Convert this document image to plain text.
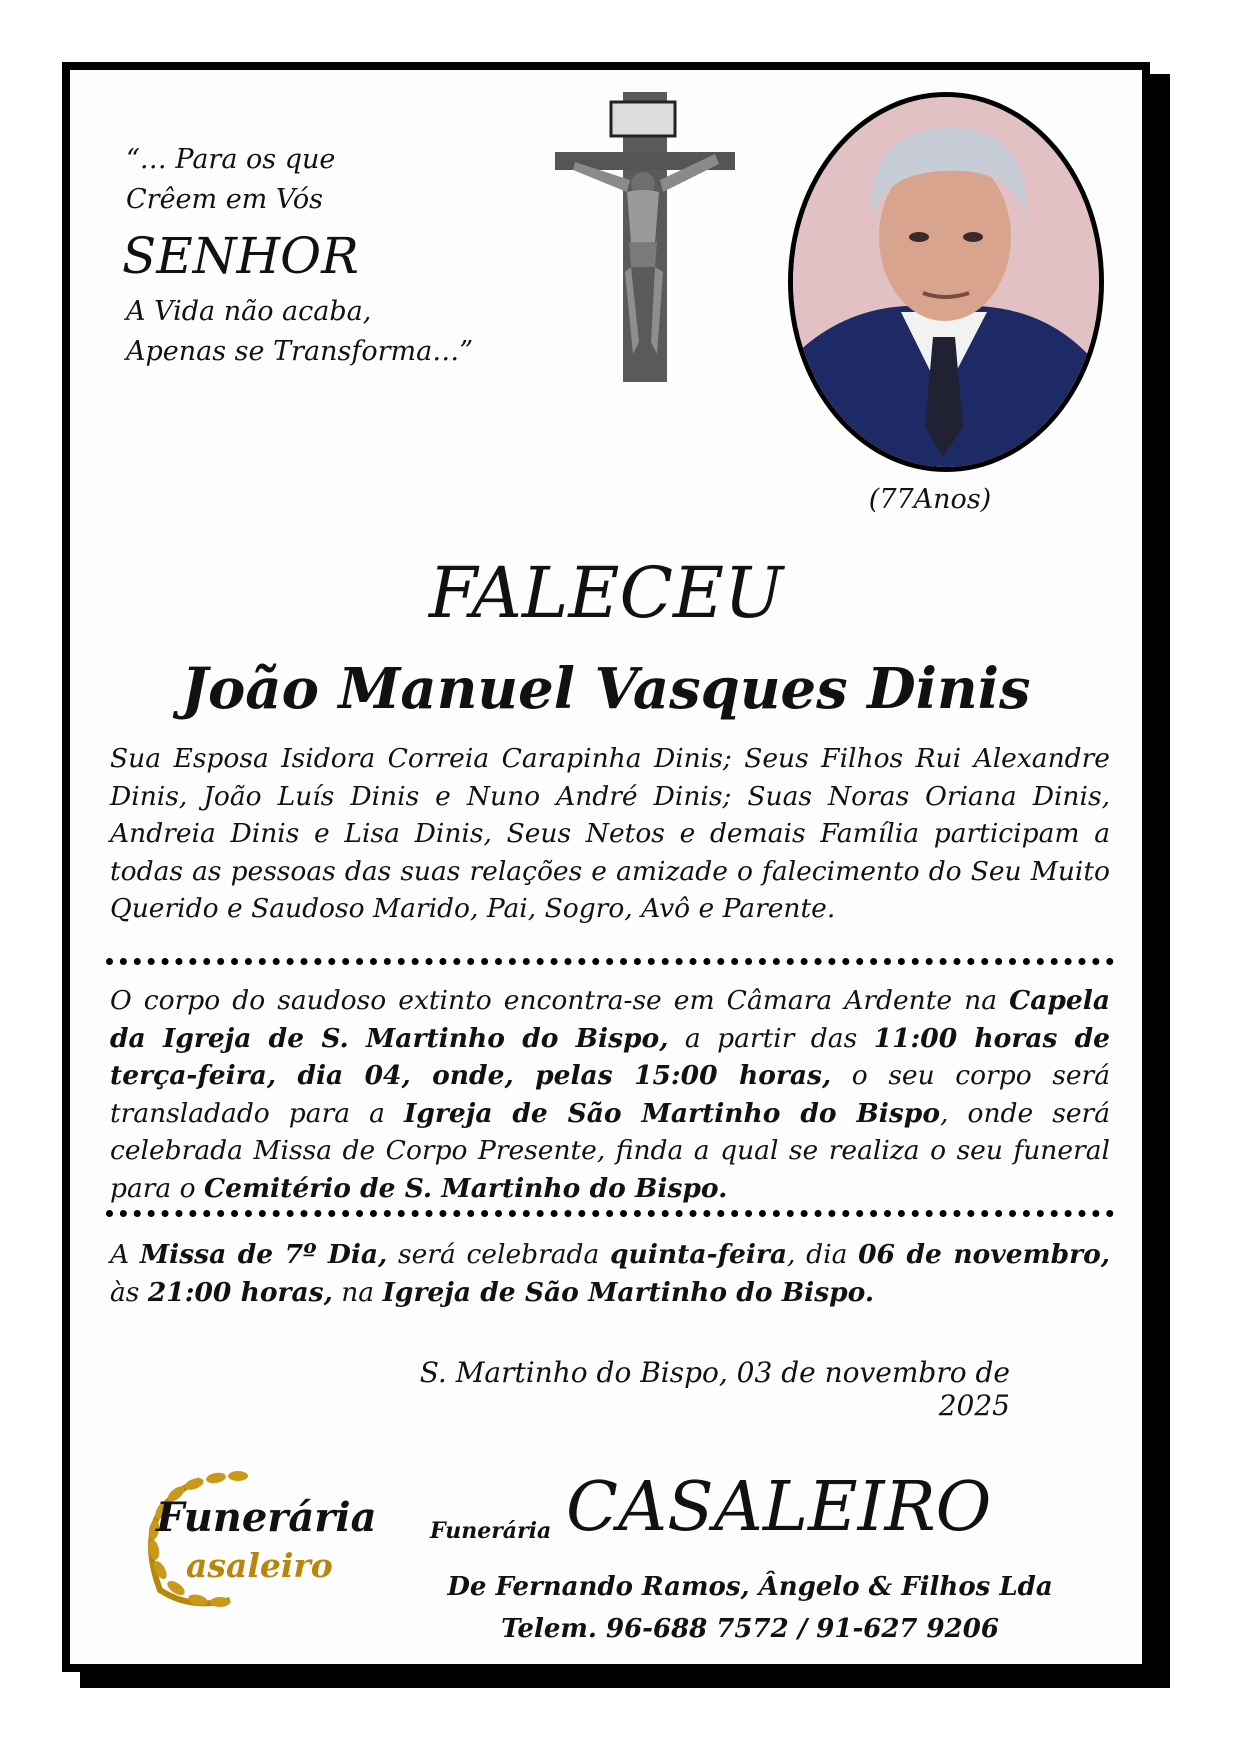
“… Para os que
Crêem em Vós
SENHOR
A Vida não acaba,
Apenas se Transforma…”
(77Anos)
FALECEU
João Manuel Vasques Dinis
Sua Esposa Isidora Correia Carapinha Dinis; Seus Filhos Rui Alexandre Dinis, João Luís Dinis e Nuno André Dinis; Suas Noras Oriana Dinis, Andreia Dinis e Lisa Dinis, Seus Netos e demais Família participam a todas as pessoas das suas relações e amizade o falecimento do Seu Muito Querido e Saudoso Marido, Pai, Sogro, Avô e Parente.
O corpo do saudoso extinto encontra-se em Câmara Ardente na Capela da Igreja de S. Martinho do Bispo, a partir das 11:00 horas de terça-feira, dia 04, onde, pelas 15:00 horas, o seu corpo será transladado para a Igreja de São Martinho do Bispo, onde será celebrada Missa de Corpo Presente, finda a qual se realiza o seu funeral para o Cemitério de S. Martinho do Bispo.
A Missa de 7º Dia, será celebrada quinta-feira, dia 06 de novembro, às 21:00 horas, na Igreja de São Martinho do Bispo.
S. Martinho do Bispo, 03 de novembro de 2025
Funerária
asaleiro
Funerária CASALEIRO
De Fernando Ramos, Ângelo & Filhos Lda
Telem. 96-688 7572 / 91-627 9206
